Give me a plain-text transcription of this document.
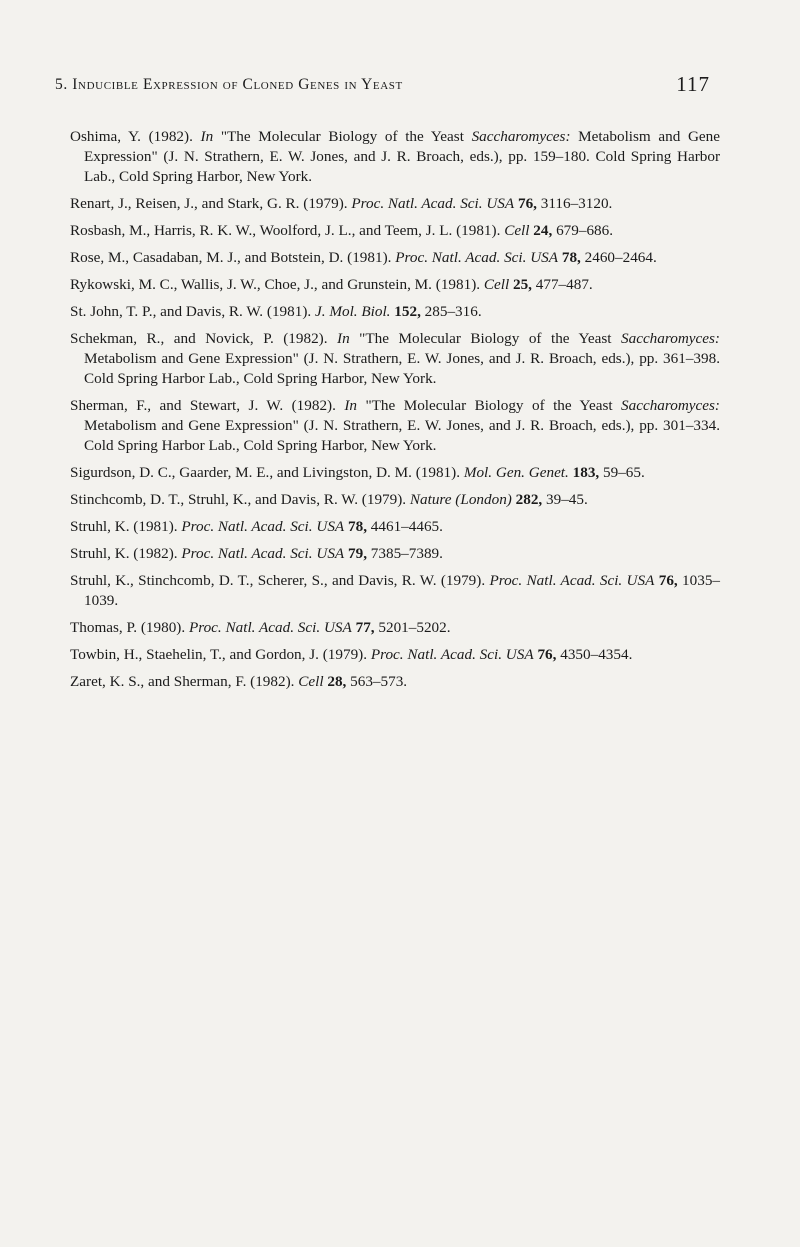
5. Inducible Expression of Cloned Genes in Yeast	117
Oshima, Y. (1982). In "The Molecular Biology of the Yeast Saccharomyces: Metabolism and Gene Expression" (J. N. Strathern, E. W. Jones, and J. R. Broach, eds.), pp. 159–180. Cold Spring Harbor Lab., Cold Spring Harbor, New York.
Renart, J., Reisen, J., and Stark, G. R. (1979). Proc. Natl. Acad. Sci. USA 76, 3116–3120.
Rosbash, M., Harris, R. K. W., Woolford, J. L., and Teem, J. L. (1981). Cell 24, 679–686.
Rose, M., Casadaban, M. J., and Botstein, D. (1981). Proc. Natl. Acad. Sci. USA 78, 2460–2464.
Rykowski, M. C., Wallis, J. W., Choe, J., and Grunstein, M. (1981). Cell 25, 477–487.
St. John, T. P., and Davis, R. W. (1981). J. Mol. Biol. 152, 285–316.
Schekman, R., and Novick, P. (1982). In "The Molecular Biology of the Yeast Saccharomyces: Metabolism and Gene Expression" (J. N. Strathern, E. W. Jones, and J. R. Broach, eds.), pp. 361–398. Cold Spring Harbor Lab., Cold Spring Harbor, New York.
Sherman, F., and Stewart, J. W. (1982). In "The Molecular Biology of the Yeast Saccharomyces: Metabolism and Gene Expression" (J. N. Strathern, E. W. Jones, and J. R. Broach, eds.), pp. 301–334. Cold Spring Harbor Lab., Cold Spring Harbor, New York.
Sigurdson, D. C., Gaarder, M. E., and Livingston, D. M. (1981). Mol. Gen. Genet. 183, 59–65.
Stinchcomb, D. T., Struhl, K., and Davis, R. W. (1979). Nature (London) 282, 39–45.
Struhl, K. (1981). Proc. Natl. Acad. Sci. USA 78, 4461–4465.
Struhl, K. (1982). Proc. Natl. Acad. Sci. USA 79, 7385–7389.
Struhl, K., Stinchcomb, D. T., Scherer, S., and Davis, R. W. (1979). Proc. Natl. Acad. Sci. USA 76, 1035–1039.
Thomas, P. (1980). Proc. Natl. Acad. Sci. USA 77, 5201–5202.
Towbin, H., Staehelin, T., and Gordon, J. (1979). Proc. Natl. Acad. Sci. USA 76, 4350–4354.
Zaret, K. S., and Sherman, F. (1982). Cell 28, 563–573.
